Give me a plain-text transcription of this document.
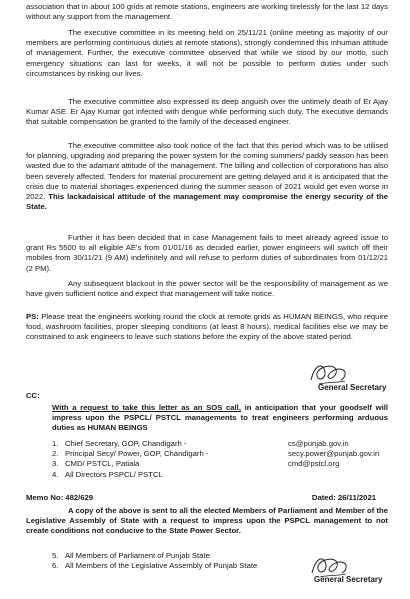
association that in about 100 grids at remote stations, engineers are working tirelessly for the last 12 days without any support from the management.

The executive committee in its meeting held on 25/11/21 (online meeting as majority of our members are performing continuous duties at remote stations), strongly condemned this inhuman attitude of management. Further, the executive committee observed that while we stood by our motto, such emergency situations can last for weeks, it will not be possible to perform duties under such circumstances by risking our lives.

The executive committee also expressed its deep anguish over the untimely death of Er Ajay Kumar ASE. Er Ajay Kumar got infected with dengue while performing such duty. The executive demands that suitable compensation be granted to the family of the deceased engineer.

The executive committee also took notice of the fact that this period which was to be utilised for planning, upgrading and preparing the power system for the coming summers/ paddy season has been wasted due to the adamant attitude of the management. The billing and collection of corporations has also been severely affected. Tenders for material procurement are getting delayed and it is anticipated that the crisis due to material shortages experienced during the summer season of 2021 would get even worse in 2022. This lackadaisical attitude of the management may compromise the energy security of the State.

Further it has been decided that in case Management fails to meet already agreed issue to grant Rs 5500 to all eligible AE's from 01/01/16 as decided earlier, power engineers will switch off their mobiles from 30/11/21 (9 AM) indefinitely and will refuse to perform duties of subordinates from 01/12/21 (2 PM).

Any subsequent blackout in the power sector will be the responsibility of management as we have given sufficient notice and expect that management will take notice.

PS: Please treat the engineers working round the clock at remote grids as HUMAN BEINGS, who require food, washroom facilities, proper sleeping conditions (at least 8 hours), medical facilities else we may be constrained to ask engineers to leave such stations before the expiry of the above stated period.

General Secretary
CC:

With a request to take this letter as an SOS call, in anticipation that your goodself will impress upon the PSPCL/ PSTCL managements to treat engineers performing arduous duties as HUMAN BEINGS

1. Chief Secretary, GOP, Chandigarh -	cs@punjab.gov.in
2. Principal Secy/ Power, GOP, Chandigarh -	secy.power@punjab.gov.in
3. CMD/ PSTCL, Patiala	cmd@pstcl.org
4. All Directors PSPCL/ PSTCL
Memo No: 482/629	Dated: 26/11/2021

A copy of the above is sent to all the elected Members of Parliament and Member of the Legislative Assembly of State with a request to impress upon the PSPCL management to not create conditions not conducive to the State Power Sector.

5. All Members of Parliament of Punjab State
6. All Members of the Legislative Assembly of Punjab State
General Secretary
